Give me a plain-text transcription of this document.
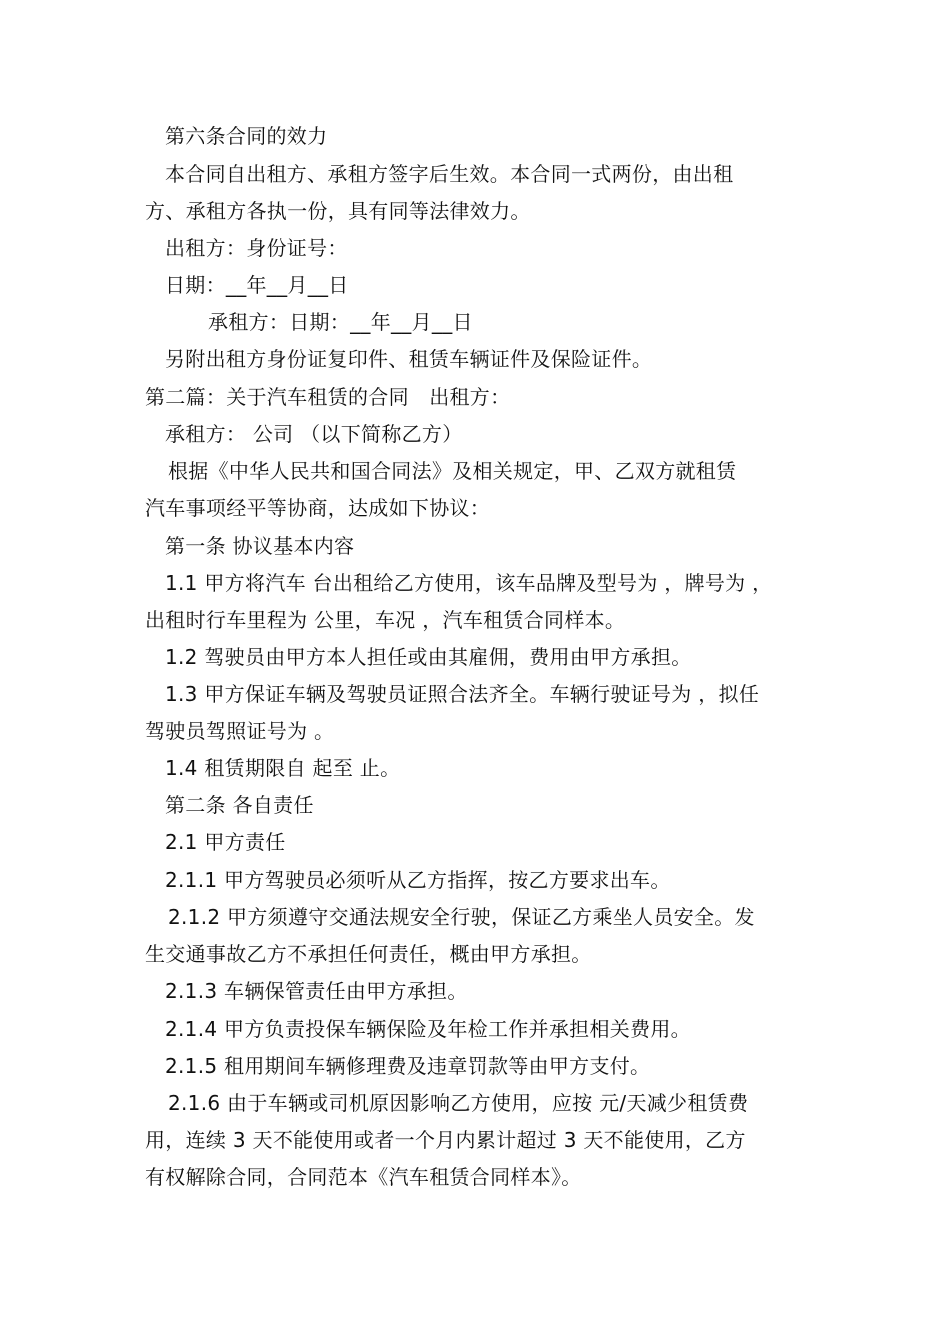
第六条合同的效力
本合同自出租方、承租方签字后生效。本合同一式两份，由出租
方、承租方各执一份，具有同等法律效力。
出租方：身份证号：
日期：__年__月__日
承租方：日期：__年__月__日
另附出租方身份证复印件、租赁车辆证件及保险证件。
第二篇：关于汽车租赁的合同　出租方：
承租方： 公司 （以下简称乙方）
根据《中华人民共和国合同法》及相关规定，甲、乙双方就租赁
汽车事项经平等协商，达成如下协议：
第一条 协议基本内容
1.1 甲方将汽车 台出租给乙方使用，该车品牌及型号为 ，牌号为 ，
出租时行车里程为 公里，车况 ，汽车租赁合同样本。
1.2 驾驶员由甲方本人担任或由其雇佣，费用由甲方承担。
1.3 甲方保证车辆及驾驶员证照合法齐全。车辆行驶证号为 ，拟任
驾驶员驾照证号为 。
1.4 租赁期限自 起至 止。
第二条 各自责任
2.1 甲方责任
2.1.1 甲方驾驶员必须听从乙方指挥，按乙方要求出车。
2.1.2 甲方须遵守交通法规安全行驶，保证乙方乘坐人员安全。发
生交通事故乙方不承担任何责任，概由甲方承担。
2.1.3 车辆保管责任由甲方承担。
2.1.4 甲方负责投保车辆保险及年检工作并承担相关费用。
2.1.5 租用期间车辆修理费及违章罚款等由甲方支付。
2.1.6 由于车辆或司机原因影响乙方使用，应按 元/天减少租赁费
用，连续 3 天不能使用或者一个月内累计超过 3 天不能使用，乙方
有权解除合同，合同范本《汽车租赁合同样本》。
